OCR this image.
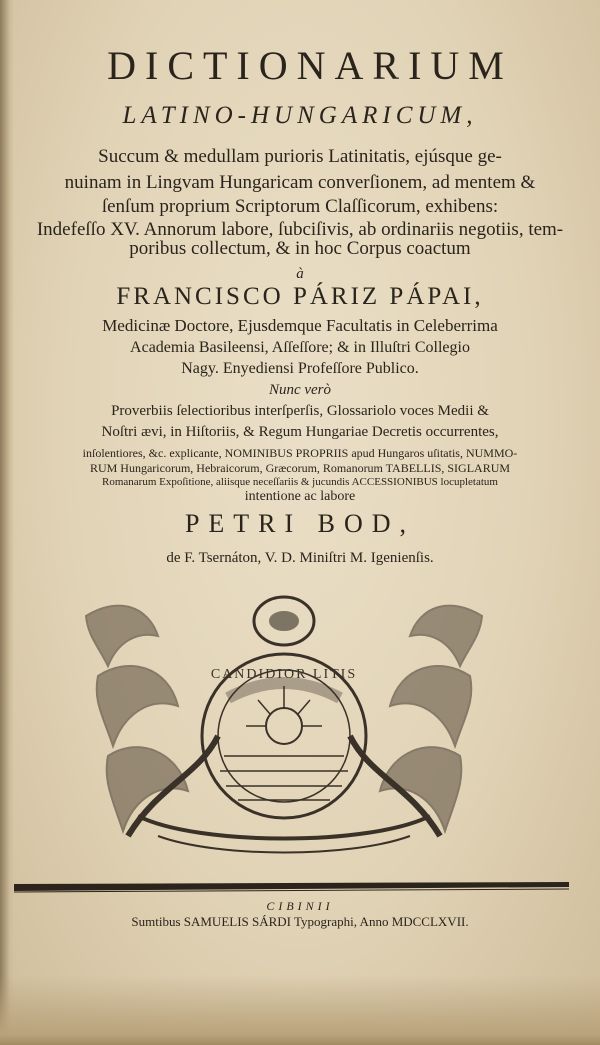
DICTIONARIUM
LATINO-HUNGARICUM,
Succum & medullam purioris Latinitatis, ejúsque ge-
nuinam in Lingvam Hungaricam converſionem, ad mentem &
ſenſum proprium Scriptorum Claſſicorum, exhibens:
Indefeſſo XV. Annorum labore, ſubciſivis, ab ordinariis negotiis, tem-
poribus collectum, & in hoc Corpus coactum
à
FRANCISCO PÁRIZ PÁPAI,
Medicinæ Doctore, Ejusdemque Facultatis in Celeberrima
Academia Basileensi, Aſſeſſore; & in Illuſtri Collegio
Nagy. Enyediensi Profeſſore Publico.
Nunc verò
Proverbiis ſelectioribus interſperſis, Glossariolo voces Medii &
Noſtri ævi, in Hiſtoriis, & Regum Hungariae Decretis occurrentes,
inſolentiores, &c. explicante, NOMINIBUS PROPRIIS apud Hungaros uſitatis, NUMMO-
RUM Hungaricorum, Hebraicorum, Græcorum, Romanorum TABELLIS, SIGLARUM
Romanarum Expoſitione, aliisque neceſſariis & jucundis ACCESSIONIBUS locupletatum
intentione ac labore
PETRI BOD,
de F. Tsernáton, V. D. Miniſtri M. Igenienſis.
CANDIDIOR LITIS
CIBINII
Sumtibus SAMUELIS SÁRDI Typographi, Anno MDCCLXVII.
